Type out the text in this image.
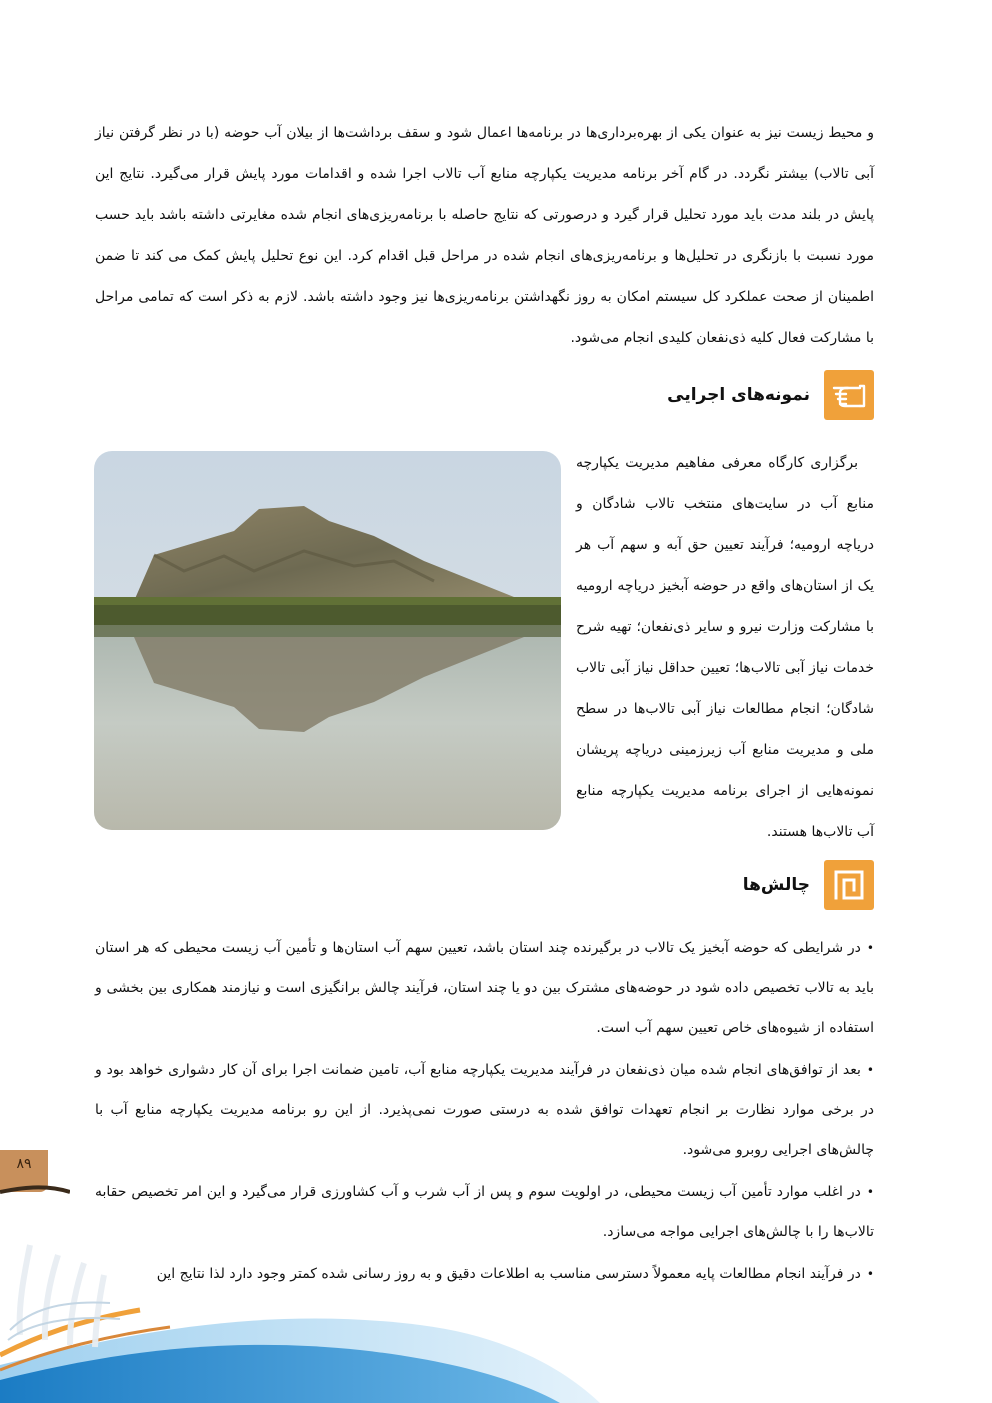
و محیط زیست نیز به عنوان یکی از بهره‌برداری‌ها در برنامه‌ها اعمال شود و سقف برداشت‌ها از بیلان آب حوضه (با در نظر گرفتن نیاز آبی تالاب) بیشتر نگردد. در گام آخر برنامه مدیریت یکپارچه منابع آب تالاب اجرا شده و اقدامات مورد پایش قرار می‌گیرد. نتایج این پایش در بلند مدت باید مورد تحلیل قرار گیرد و درصورتی که نتایج حاصله با برنامه‌ریزی‌های انجام شده مغایرتی داشته باشد باید حسب مورد نسبت با بازنگری در تحلیل‌ها و برنامه‌ریزی‌های انجام شده در مراحل قبل اقدام کرد. این نوع تحلیل پایش کمک می کند تا ضمن اطمینان از صحت عملکرد کل سیستم امکان به روز نگهداشتن برنامه‌ریزی‌ها نیز وجود داشته باشد. لازم به ذکر است که تمامی مراحل با مشارکت فعال کلیه ذی‌نفعان کلیدی انجام می‌شود.

نمونه‌های اجرایی

برگزاری کارگاه معرفی مفاهیم مدیریت یکپارچه منابع آب در سایت‌های منتخب تالاب شادگان و دریاچه ارومیه؛ فرآیند تعیین حق آبه و سهم آب هر یک از استان‌های واقع در حوضه آبخیز دریاچه ارومیه با مشارکت وزارت نیرو و سایر ذی‌نفعان؛ تهیه شرح خدمات نیاز آبی تالاب‌ها؛ تعیین حداقل نیاز آبی تالاب شادگان؛ انجام مطالعات نیاز آبی تالاب‌ها در سطح ملی و مدیریت منابع آب زیرزمینی دریاچه پریشان نمونه‌هایی از اجرای برنامه مدیریت یکپارچه منابع آب تالاب‌ها هستند.

چالش‌ها
•در شرایطی که حوضه آبخیز یک تالاب در برگیرنده چند استان باشد، تعیین سهم آب استان‌ها و تأمین آب زیست محیطی که هر استان باید به تالاب تخصیص داده شود در حوضه‌های مشترک بین دو یا چند استان، فرآیند چالش برانگیزی است و نیازمند همکاری بین بخشی و استفاده از شیوه‌های خاص تعیین سهم آب است.
•بعد از توافق‌های انجام شده میان ذی‌نفعان در فرآیند مدیریت یکپارچه منابع آب، تامین ضمانت اجرا برای آن کار دشواری خواهد بود و در برخی موارد نظارت بر انجام تعهدات توافق شده به درستی صورت نمی‌پذیرد. از این رو برنامه مدیریت یکپارچه منابع آب با چالش‌های اجرایی روبرو می‌شود.
•در اغلب موارد تأمین آب زیست محیطی، در اولویت سوم و پس از آب شرب و آب کشاورزی قرار می‌گیرد و این امر تخصیص حقابه تالاب‌ها را با چالش‌های اجرایی مواجه می‌سازد.
•در فرآیند انجام مطالعات پایه معمولاً دسترسی مناسب به اطلاعات دقیق و به روز رسانی شده کمتر وجود دارد لذا نتایج این
۸۹
